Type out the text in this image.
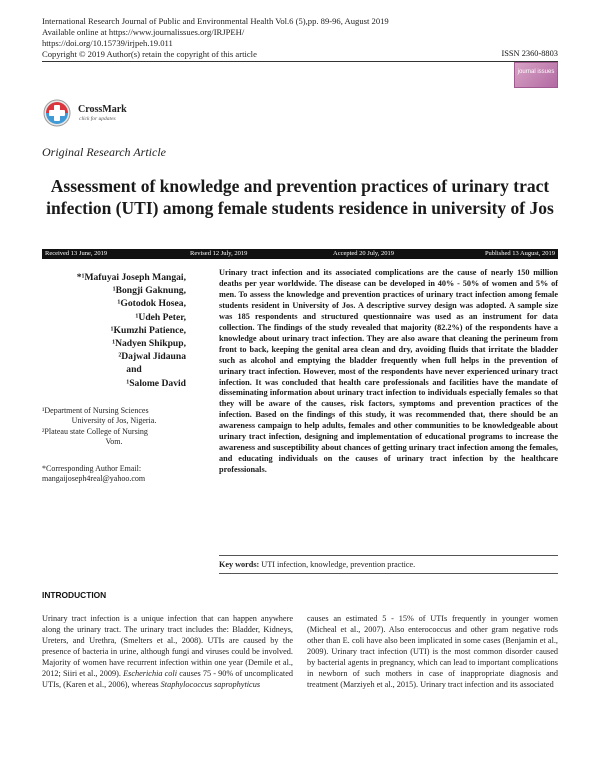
International Research Journal of Public and Environmental Health Vol.6 (5),pp. 89-96, August 2019
Available online at https://www.journalissues.org/IRJPEH/
https://doi.org/10.15739/irjpeh.19.011
Copyright © 2019 Author(s) retain the copyright of this article	ISSN 2360-8803
journal issues
CrossMark
click for updates
Original Research Article
Assessment of knowledge and prevention practices of urinary tract infection (UTI) among female students residence in university of Jos
Received 13 June, 2019	Revised 12 July, 2019	Accepted 20 July, 2019	Published 13 August, 2019
*¹Mafuyai Joseph Mangai,
¹Bongji Gaknung,
¹Gotodok Hosea,
¹Udeh Peter,
¹Kumzhi Patience,
¹Nadyen Shikpup,
²Dajwal Jidauna
and
¹Salome David
¹Department of Nursing Sciences
University of Jos, Nigeria.
²Plateau state College of Nursing
Vom.
*Corresponding Author Email:
mangaijoseph4real@yahoo.com
Urinary tract infection and its associated complications are the cause of nearly 150 million deaths per year worldwide. The disease can be developed in 40% - 50% of women and 5% of men. To assess the knowledge and prevention practices of urinary tract infection among female students resident in University of Jos. A descriptive survey design was adopted. A sample size was 185 respondents and structured questionnaire was used as an instrument for data collection. The findings of the study revealed that majority (82.2%) of the respondents have a knowledge about urinary tract infection. They are also aware that cleaning the perineum from front to back, keeping the genital area clean and dry, avoiding fluids that irritate the bladder such as alcohol and emptying the bladder frequently when full helps in the prevention of urinary tract infection. However, most of the respondents have never experienced urinary tract infection. It was concluded that health care professionals and facilities have the mandate of disseminating information about urinary tract infection to individuals especially females so that they will be aware of the causes, risk factors, symptoms and prevention practices of the infection. Based on the findings of this study, it was recommended that, there should be an awareness campaign to help adults, females and other communities to be knowledgeable about urinary tract infection, designing and implementation of educational programs to increase the awareness and susceptibility about chances of getting urinary tract infection among the females, and educating individuals on the causes of urinary tract infection by the healthcare professionals.
Key words: UTI infection, knowledge, prevention practice.
INTRODUCTION
Urinary tract infection is a unique infection that can happen anywhere along the urinary tract. The urinary tract includes the: Bladder, Kidneys, Ureters, and Urethra, (Smelters et al., 2008). UTIs are caused by the presence of bacteria in urine, although fungi and viruses could be involved. Majority of women have recurrent infection within one year (Demile et al., 2012; Siiri et al., 2009). Escherichia coli causes 75 - 90% of uncomplicated UTIs, (Karen et al., 2006), whereas Staphylococcus saprophyticus
causes an estimated 5 - 15% of UTIs frequently in younger women (Micheal et al., 2007). Also enterococcus and other gram negative rods other than E. coli have also been implicated in some cases (Benjamin et al., 2009). Urinary tract infection (UTI) is the most common disorder caused by bacterial agents in pregnancy, which can lead to important complications in newborn of such mothers in case of inappropriate diagnosis and treatment (Marziyeh et al., 2015). Urinary tract infection and its associated
